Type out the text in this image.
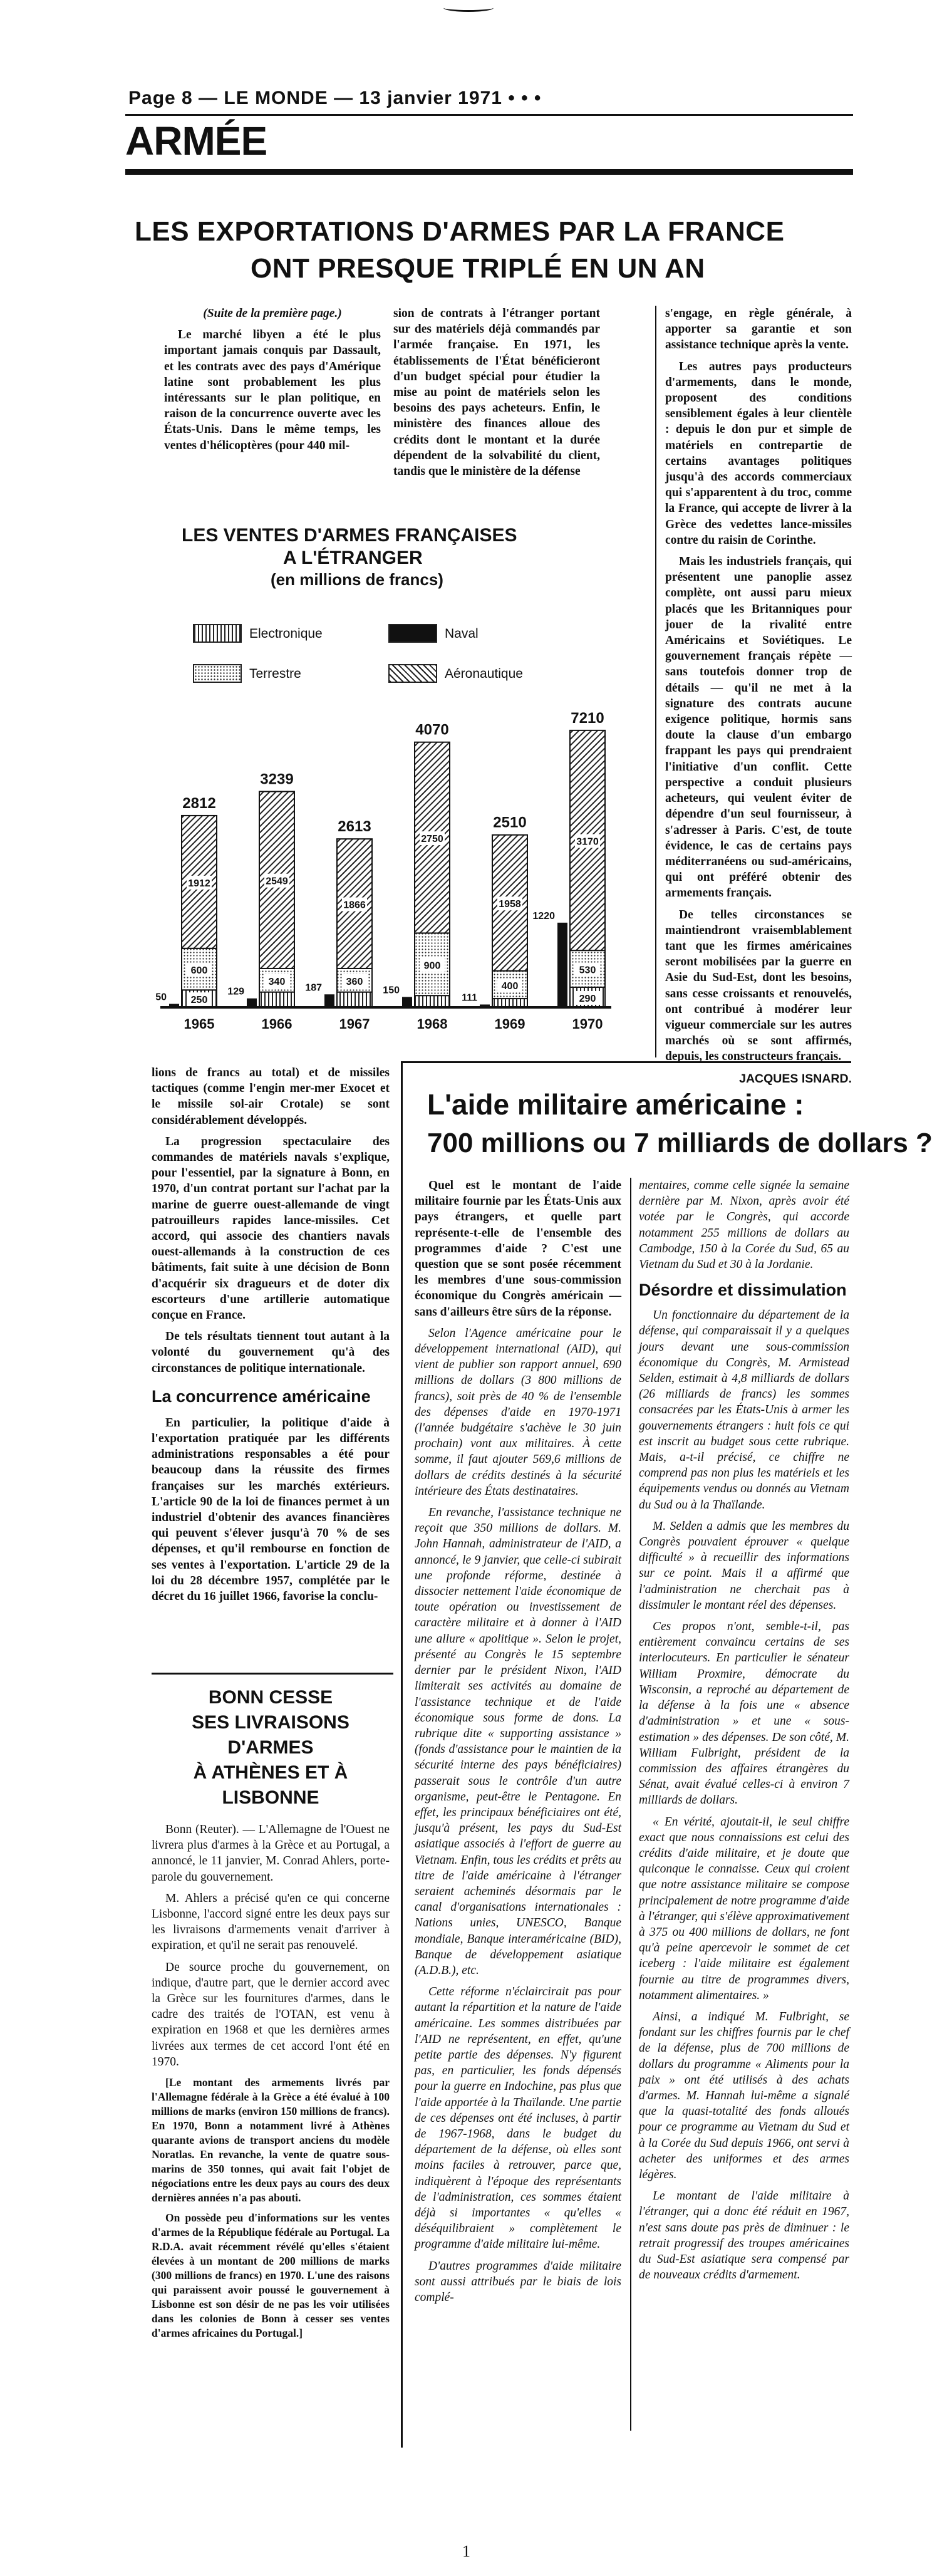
Page 8 — LE MONDE — 13 janvier 1971 • • •
ARMÉE
LES EXPORTATIONS D'ARMES PAR LA FRANCE
ONT PRESQUE TRIPLÉ EN UN AN

(Suite de la première page.)

Le marché libyen a été le plus important jamais conquis par Dassault, et les contrats avec des pays d'Amérique latine sont probablement les plus intéressants sur le plan politique, en raison de la concurrence ouverte avec les États-Unis. Dans le même temps, les ventes d'hélicoptères (pour 440 mil-

sion de contrats à l'étranger portant sur des matériels déjà commandés par l'armée française. En 1971, les établissements de l'État bénéficieront d'un budget spécial pour étudier la mise au point de matériels selon les besoins des pays acheteurs. Enfin, le ministère des finances alloue des crédits dont le montant et la durée dépendent de la solvabilité du client, tandis que le ministère de la défense

s'engage, en règle générale, à apporter sa garantie et son assistance technique après la vente.

Les autres pays producteurs d'armements, dans le monde, proposent des conditions sensiblement égales à leur clientèle : depuis le don pur et simple de matériels en contrepartie de certains avantages politiques jusqu'à des accords commerciaux qui s'apparentent à du troc, comme la France, qui accepte de livrer à la Grèce des vedettes lance-missiles contre du raisin de Corinthe.

Mais les industriels français, qui présentent une panoplie assez complète, ont aussi paru mieux placés que les Britanniques pour jouer de la rivalité entre Américains et Soviétiques. Le gouvernement français répète — sans toutefois donner trop de détails — qu'il ne met à la signature des contrats aucune exigence politique, hormis sans doute la clause d'un embargo frappant les pays qui prendraient l'initiative d'un conflit. Cette perspective a conduit plusieurs acheteurs, qui veulent éviter de dépendre d'un seul fournisseur, à s'adresser à Paris. C'est, de toute évidence, le cas de certains pays méditerranéens ou sud-américains, qui ont préféré obtenir des armements français.

De telles circonstances se maintiendront vraisemblablement tant que les firmes américaines seront mobilisées par la guerre en Asie du Sud-Est, dont les besoins, sans cesse croissants et renouvelés, ont contribué à modérer leur vigueur commerciale sur les autres marchés où se sont affirmés, depuis, les constructeurs français.

JACQUES ISNARD.

LES VENTES D'ARMES FRANÇAISES
A L'ÉTRANGER
(en millions de francs)
Electronique	Naval
Terrestre	Aéronautique
250
600
1912
50
2812
1965
340
2549
129
3239
1966
360
1866
187
2613
1967
900
2750
150
4070
1968
400
1958
111
2510
1969
290
530
3170
1220
7210
1970

lions de francs au total) et de missiles tactiques (comme l'engin mer-mer Exocet et le missile sol-air Crotale) se sont considérablement développés.

La progression spectaculaire des commandes de matériels navals s'explique, pour l'essentiel, par la signature à Bonn, en 1970, d'un contrat portant sur l'achat par la marine de guerre ouest-allemande de vingt patrouilleurs rapides lance-missiles. Cet accord, qui associe des chantiers navals ouest-allemands à la construction de ces bâtiments, fait suite à une décision de Bonn d'acquérir six dragueurs et de doter dix escorteurs d'une artillerie automatique conçue en France.

De tels résultats tiennent tout autant à la volonté du gouvernement qu'à des circonstances de politique internationale.

La concurrence américaine

En particulier, la politique d'aide à l'exportation pratiquée par les différents administrations responsables a été pour beaucoup dans la réussite des firmes françaises sur les marchés extérieurs. L'article 90 de la loi de finances permet à un industriel d'obtenir des avances financières qui peuvent s'élever jusqu'à 70 % de ses dépenses, et qu'il rembourse en fonction de ses ventes à l'exportation. L'article 29 de la loi du 28 décembre 1957, complétée par le décret du 16 juillet 1966, favorise la conclu-

BONN CESSE
SES LIVRAISONS D'ARMES
À ATHÈNES ET À LISBONNE

Bonn (Reuter). — L'Allemagne de l'Ouest ne livrera plus d'armes à la Grèce et au Portugal, a annoncé, le 11 janvier, M. Conrad Ahlers, porte-parole du gouvernement.

M. Ahlers a précisé qu'en ce qui concerne Lisbonne, l'accord signé entre les deux pays sur les livraisons d'armements venait d'arriver à expiration, et qu'il ne serait pas renouvelé.

De source proche du gouvernement, on indique, d'autre part, que le dernier accord avec la Grèce sur les fournitures d'armes, dans le cadre des traités de l'OTAN, est venu à expiration en 1968 et que les dernières armes livrées aux termes de cet accord l'ont été en 1970.

[Le montant des armements livrés par l'Allemagne fédérale à la Grèce a été évalué à 100 millions de marks (environ 150 millions de francs). En 1970, Bonn a notamment livré à Athènes quarante avions de transport anciens du modèle Noratlas. En revanche, la vente de quatre sous-marins de 350 tonnes, qui avait fait l'objet de négociations entre les deux pays au cours des deux dernières années n'a pas abouti.

On possède peu d'informations sur les ventes d'armes de la République fédérale au Portugal. La R.D.A. avait récemment révélé qu'elles s'étaient élevées à un montant de 200 millions de marks (300 millions de francs) en 1970. L'une des raisons qui paraissent avoir poussé le gouvernement à Lisbonne est son désir de ne pas les voir utilisées dans les colonies de Bonn à cesser ses ventes d'armes africaines du Portugal.]

L'aide militaire américaine :
700 millions ou 7 milliards de dollars ?

Quel est le montant de l'aide militaire fournie par les États-Unis aux pays étrangers, et quelle part représente-t-elle de l'ensemble des programmes d'aide ? C'est une question que se sont posée récemment les membres d'une sous-commission économique du Congrès américain — sans d'ailleurs être sûrs de la réponse.

Selon l'Agence américaine pour le développement international (AID), qui vient de publier son rapport annuel, 690 millions de dollars (3 800 millions de francs), soit près de 40 % de l'ensemble des dépenses d'aide en 1970-1971 (l'année budgétaire s'achève le 30 juin prochain) vont aux militaires. À cette somme, il faut ajouter 569,6 millions de dollars de crédits destinés à la sécurité intérieure des États destinataires.

En revanche, l'assistance technique ne reçoit que 350 millions de dollars. M. John Hannah, administrateur de l'AID, a annoncé, le 9 janvier, que celle-ci subirait une profonde réforme, destinée à dissocier nettement l'aide économique de toute opération ou investissement de caractère militaire et à donner à l'AID une allure « apolitique ». Selon le projet, présenté au Congrès le 15 septembre dernier par le président Nixon, l'AID limiterait ses activités au domaine de l'assistance technique et de l'aide économique sous forme de dons. La rubrique dite « supporting assistance » (fonds d'assistance pour le maintien de la sécurité interne des pays bénéficiaires) passerait sous le contrôle d'un autre organisme, peut-être le Pentagone. En effet, les principaux bénéficiaires ont été, jusqu'à présent, les pays du Sud-Est asiatique associés à l'effort de guerre au Vietnam. Enfin, tous les crédits et prêts au titre de l'aide américaine à l'étranger seraient acheminés désormais par le canal d'organisations internationales : Nations unies, UNESCO, Banque mondiale, Banque interaméricaine (BID), Banque de développement asiatique (A.D.B.), etc.

Cette réforme n'éclaircirait pas pour autant la répartition et la nature de l'aide américaine. Les sommes distribuées par l'AID ne représentent, en effet, qu'une petite partie des dépenses. N'y figurent pas, en particulier, les fonds dépensés pour la guerre en Indochine, pas plus que l'aide apportée à la Thaïlande. Une partie de ces dépenses ont été incluses, à partir de 1967-1968, dans le budget du département de la défense, où elles sont moins faciles à retrouver, parce que, indiquèrent à l'époque des représentants de l'administration, ces sommes étaient déjà si importantes « qu'elles « déséquilibraient » complètement le programme d'aide militaire lui-même.

D'autres programmes d'aide militaire sont aussi attribués par le biais de lois complé-

mentaires, comme celle signée la semaine dernière par M. Nixon, après avoir été votée par le Congrès, qui accorde notamment 255 millions de dollars au Cambodge, 150 à la Corée du Sud, 65 au Vietnam du Sud et 30 à la Jordanie.

Désordre et dissimulation

Un fonctionnaire du département de la défense, qui comparaissait il y a quelques jours devant une sous-commission économique du Congrès, M. Armistead Selden, estimait à 4,8 milliards de dollars (26 milliards de francs) les sommes consacrées par les États-Unis à armer les gouvernements étrangers : huit fois ce qui est inscrit au budget sous cette rubrique. Mais, a-t-il précisé, ce chiffre ne comprend pas non plus les matériels et les équipements vendus ou donnés au Vietnam du Sud ou à la Thaïlande.

M. Selden a admis que les membres du Congrès pouvaient éprouver « quelque difficulté » à recueillir des informations sur ce point. Mais il a affirmé que l'administration ne cherchait pas à dissimuler le montant réel des dépenses.

Ces propos n'ont, semble-t-il, pas entièrement convaincu certains de ses interlocuteurs. En particulier le sénateur William Proxmire, démocrate du Wisconsin, a reproché au département de la défense à la fois une « absence d'administration » et une « sous-estimation » des dépenses. De son côté, M. William Fulbright, président de la commission des affaires étrangères du Sénat, avait évalué celles-ci à environ 7 milliards de dollars.

« En vérité, ajoutait-il, le seul chiffre exact que nous connaissions est celui des crédits d'aide militaire, et je doute que quiconque le connaisse. Ceux qui croient que notre assistance militaire se compose principalement de notre programme d'aide à l'étranger, qui s'élève approximativement à 375 ou 400 millions de dollars, ne font qu'à peine apercevoir le sommet de cet iceberg : l'aide militaire est également fournie au titre de programmes divers, notamment alimentaires. »

Ainsi, a indiqué M. Fulbright, se fondant sur les chiffres fournis par le chef de la défense, plus de 700 millions de dollars du programme « Aliments pour la paix » ont été utilisés à des achats d'armes. M. Hannah lui-même a signalé que la quasi-totalité des fonds alloués pour ce programme au Vietnam du Sud et à la Corée du Sud depuis 1966, ont servi à acheter des uniformes et des armes légères.

Le montant de l'aide militaire à l'étranger, qui a donc été réduit en 1967, n'est sans doute pas près de diminuer : le retrait progressif des troupes américaines du Sud-Est asiatique sera compensé par de nouveaux crédits d'armement.

1
